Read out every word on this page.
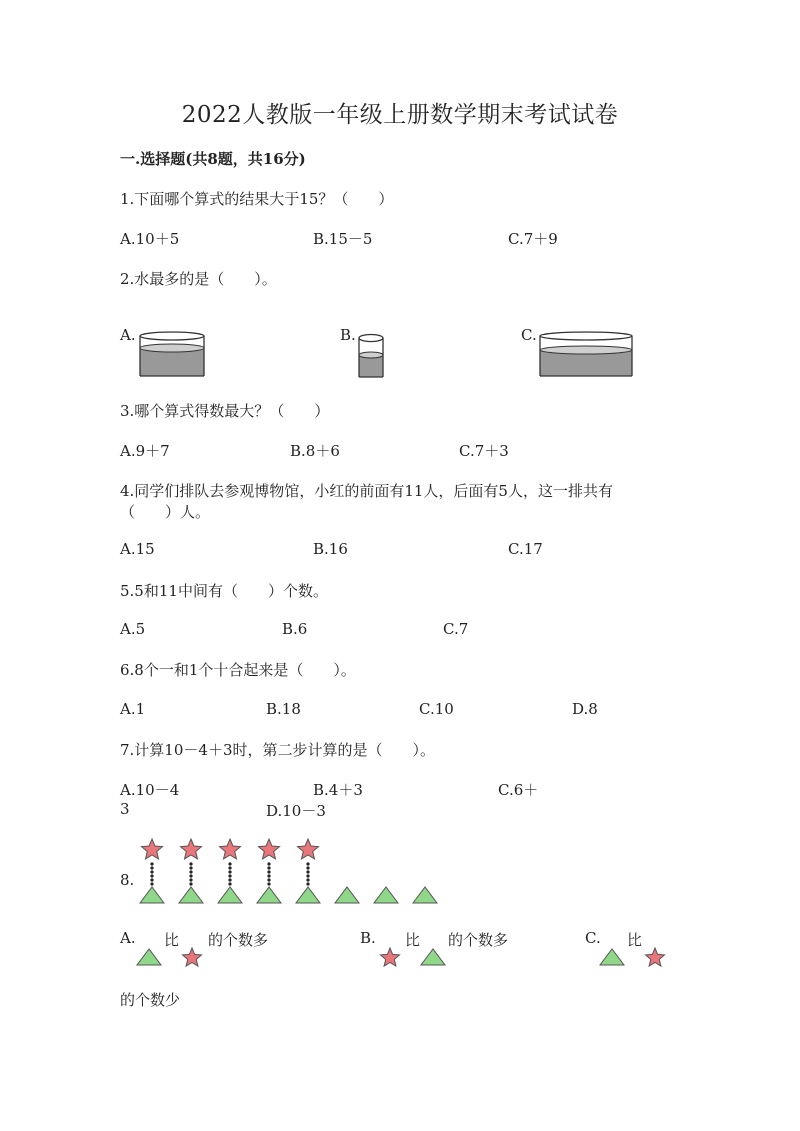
2022人教版一年级上册数学期末考试试卷
一.选择题(共8题，共16分)
1.下面哪个算式的结果大于15？（　　）
A.10＋5	B.15－5	C.7＋9
2.水最多的是（　　）。
A.	B.	C.
3.哪个算式得数最大？（　　）
A.9＋7	B.8＋6	C.7＋3
4.同学们排队去参观博物馆，小红的前面有11人，后面有5人，这一排共有
（　　）人。
A.15	B.16	C.17
5.5和11中间有（　　）个数。
A.5	B.6	C.7
6.8个一和1个十合起来是（　　）。
A.1	B.18	C.10	D.8
7.计算10－4＋3时，第二步计算的是（　　）。
A.10－4	B.4＋3	C.6＋
3	D.10－3
8.
A. 比 的个数多	B. 比 的个数多	C. 比
的个数少
